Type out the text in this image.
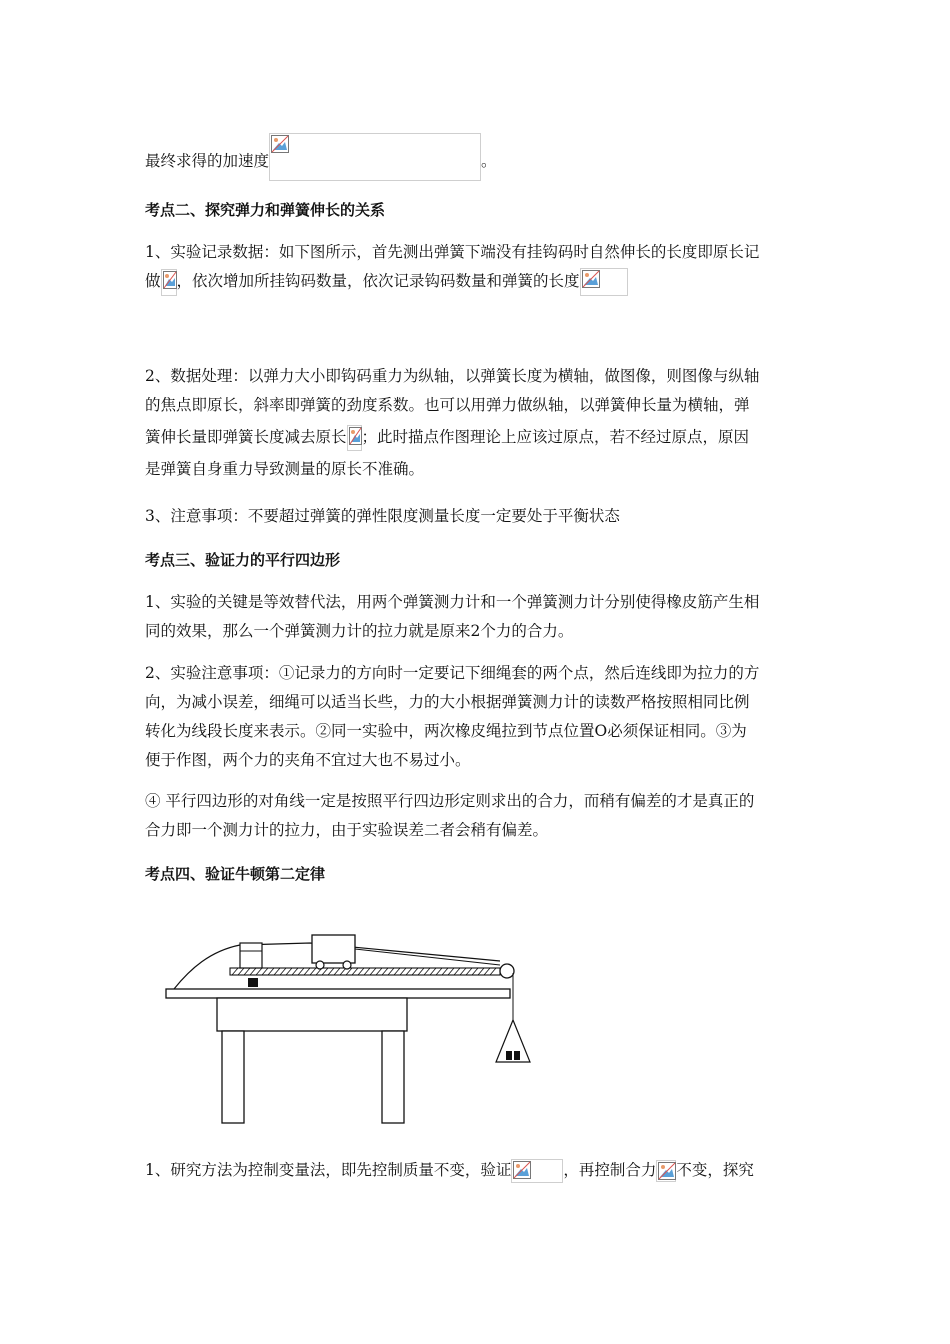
最终求得的加速度	。
考点二、探究弹力和弹簧伸长的关系
1、实验记录数据：如下图所示，首先测出弹簧下端没有挂钩码时自然伸长的长度即原长记
做 ，依次增加所挂钩码数量，依次记录钩码数量和弹簧的长度
2、数据处理：以弹力大小即钩码重力为纵轴，以弹簧长度为横轴，做图像，则图像与纵轴
的焦点即原长，斜率即弹簧的劲度系数。也可以用弹力做纵轴，以弹簧伸长量为横轴，弹
簧伸长量即弹簧长度减去原长 ；此时描点作图理论上应该过原点，若不经过原点，原因
是弹簧自身重力导致测量的原长不准确。
3、注意事项：不要超过弹簧的弹性限度测量长度一定要处于平衡状态
考点三、验证力的平行四边形
1、实验的关键是等效替代法，用两个弹簧测力计和一个弹簧测力计分别使得橡皮筋产生相
同的效果，那么一个弹簧测力计的拉力就是原来2个力的合力。
2、实验注意事项：①记录力的方向时一定要记下细绳套的两个点，然后连线即为拉力的方
向，为减小误差，细绳可以适当长些，力的大小根据弹簧测力计的读数严格按照相同比例
转化为线段长度来表示。②同一实验中，两次橡皮绳拉到节点位置O必须保证相同。③为
便于作图，两个力的夹角不宜过大也不易过小。
④ 平行四边形的对角线一定是按照平行四边形定则求出的合力，而稍有偏差的才是真正的
合力即一个测力计的拉力，由于实验误差二者会稍有偏差。
考点四、验证牛顿第二定律
1、研究方法为控制变量法，即先控制质量不变，验证	，再控制合力 不变，探究
